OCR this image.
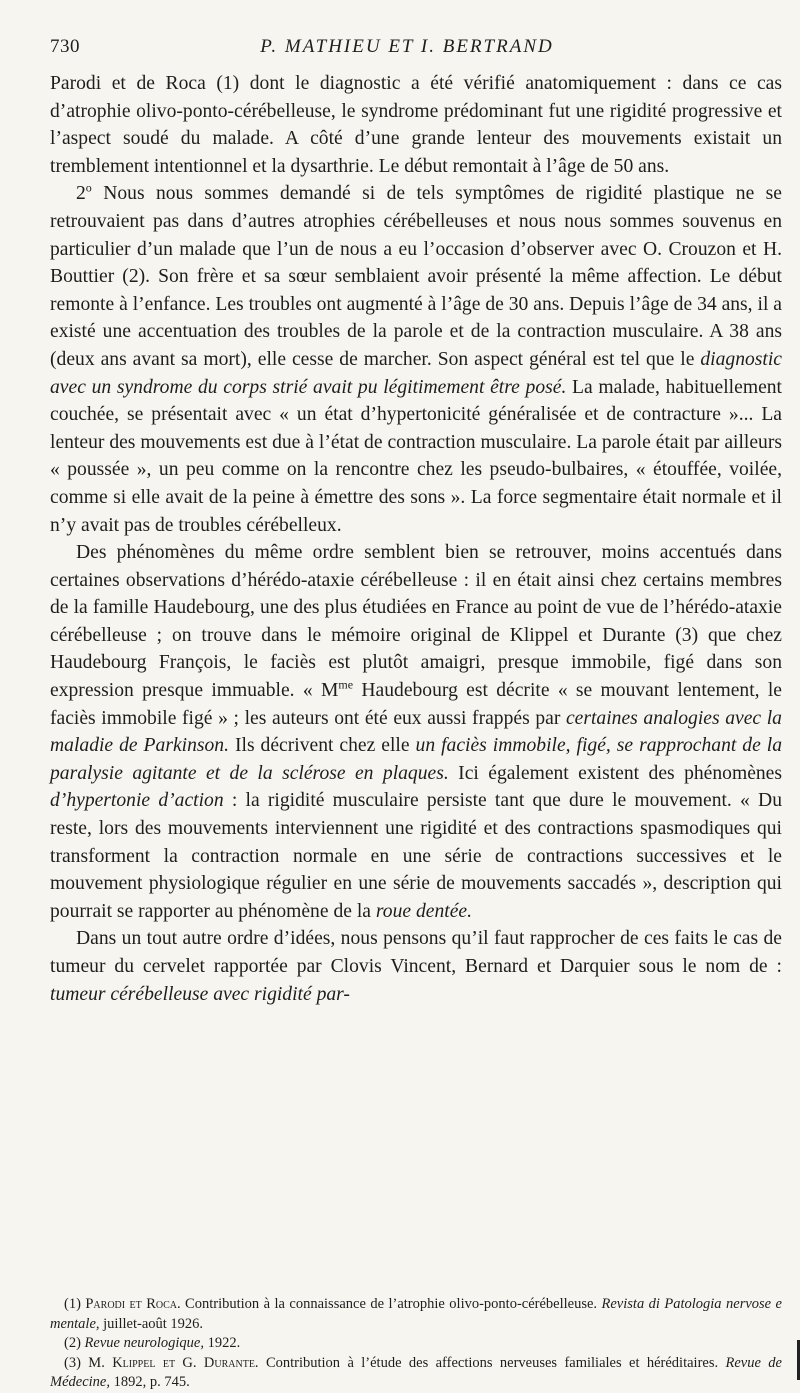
730	P. MATHIEU ET I. BERTRAND

Parodi et de Roca (1) dont le diagnostic a été vérifié anatomiquement : dans ce cas d’atrophie olivo-ponto-cérébelleuse, le syndrome prédominant fut une rigidité progressive et l’aspect soudé du malade. A côté d’une grande lenteur des mouvements existait un tremblement intentionnel et la dysarthrie. Le début remontait à l’âge de 50 ans.

2$^o$ Nous nous sommes demandé si de tels symptômes de rigidité plastique ne se retrouvaient pas dans d’autres atrophies cérébelleuses et nous nous sommes souvenus en particulier d’un malade que l’un de nous a eu l’occasion d’observer avec O. Crouzon et H. Bouttier (2). Son frère et sa sœur semblaient avoir présenté la même affection. Le début remonte à l’enfance. Les troubles ont augmenté à l’âge de 30 ans. Depuis l’âge de 34 ans, il a existé une accentuation des troubles de la parole et de la contraction musculaire. A 38 ans (deux ans avant sa mort), elle cesse de marcher. Son aspect général est tel que le diagnostic avec un syndrome du corps strié avait pu légitimement être posé. La malade, habituellement couchée, se présentait avec « un état d’hypertonicité généralisée et de contracture »... La lenteur des mouvements est due à l’état de contraction musculaire. La parole était par ailleurs « poussée », un peu comme on la rencontre chez les pseudo-bulbaires, « étouffée, voilée, comme si elle avait de la peine à émettre des sons ». La force segmentaire était normale et il n’y avait pas de troubles cérébelleux.

Des phénomènes du même ordre semblent bien se retrouver, moins accentués dans certaines observations d’hérédo-ataxie cérébelleuse : il en était ainsi chez certains membres de la famille Haudebourg, une des plus étudiées en France au point de vue de l’hérédo-ataxie cérébelleuse ; on trouve dans le mémoire original de Klippel et Durante (3) que chez Haudebourg François, le faciès est plutôt amaigri, presque immobile, figé dans son expression presque immuable. « $M^{me}$ Haudebourg est décrite « se mouvant lentement, le faciès immobile figé » ; les auteurs ont été eux aussi frappés par certaines analogies avec la maladie de Parkinson. Ils décrivent chez elle un faciès immobile, figé, se rapprochant de la paralysie agitante et de la sclérose en plaques. Ici également existent des phénomènes d’hypertonie d’action : la rigidité musculaire persiste tant que dure le mouvement. « Du reste, lors des mouvements interviennent une rigidité et des contractions spasmodiques qui transforment la contraction normale en une série de contractions successives et le mouvement physiologique régulier en une série de mouvements saccadés », description qui pourrait se rapporter au phénomène de la roue dentée.

Dans un tout autre ordre d’idées, nous pensons qu’il faut rapprocher de ces faits le cas de tumeur du cervelet rapportée par Clovis Vincent, Bernard et Darquier sous le nom de : tumeur cérébelleuse avec rigidité par-

(1) Parodi et Roca. Contribution à la connaissance de l’atrophie olivo-ponto-cérébelleuse. Revista di Patologia nervose e mentale, juillet-août 1926.

(2) Revue neurologique, 1922.

(3) M. Klippel et G. Durante. Contribution à l’étude des affections nerveuses familiales et héréditaires. Revue de Médecine, 1892, p. 745.
